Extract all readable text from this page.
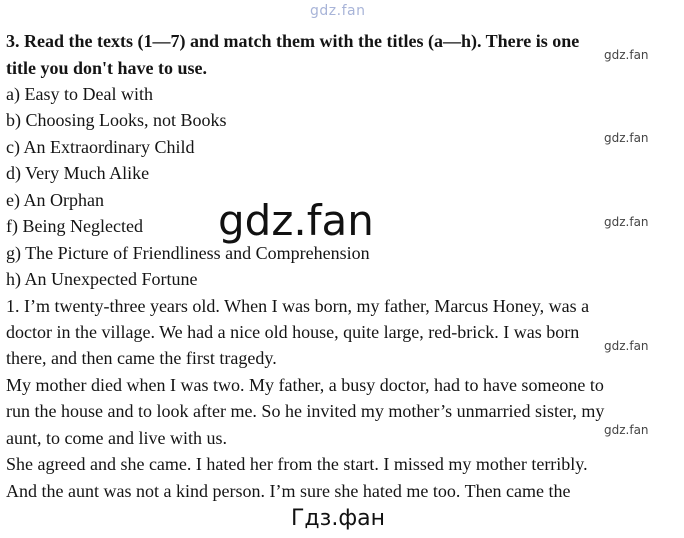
gdz.fan
3. Read the texts (1—7) and match them with the titles (a—h). There is one
title you don't have to use.
a) Easy to Deal with
b) Choosing Looks, not Books
c) An Extraordinary Child
d) Very Much Alike
e) An Orphan
f) Being Neglected
g) The Picture of Friendliness and Comprehension
h) An Unexpected Fortune
1. I’m twenty-three years old. When I was born, my father, Marcus Honey, was a
doctor in the village. We had a nice old house, quite large, red-brick. I was born
there, and then came the first tragedy.
My mother died when I was two. My father, a busy doctor, had to have someone to
run the house and to look after me. So he invited my mother’s unmarried sister, my
aunt, to come and live with us.
She agreed and she came. I hated her from the start. I missed my mother terribly.
And the aunt was not a kind person. I’m sure she hated me too. Then came the
gdz.fan
gdz.fan
gdz.fan
gdz.fan
gdz.fan
gdz.fan
Гдз.фан
